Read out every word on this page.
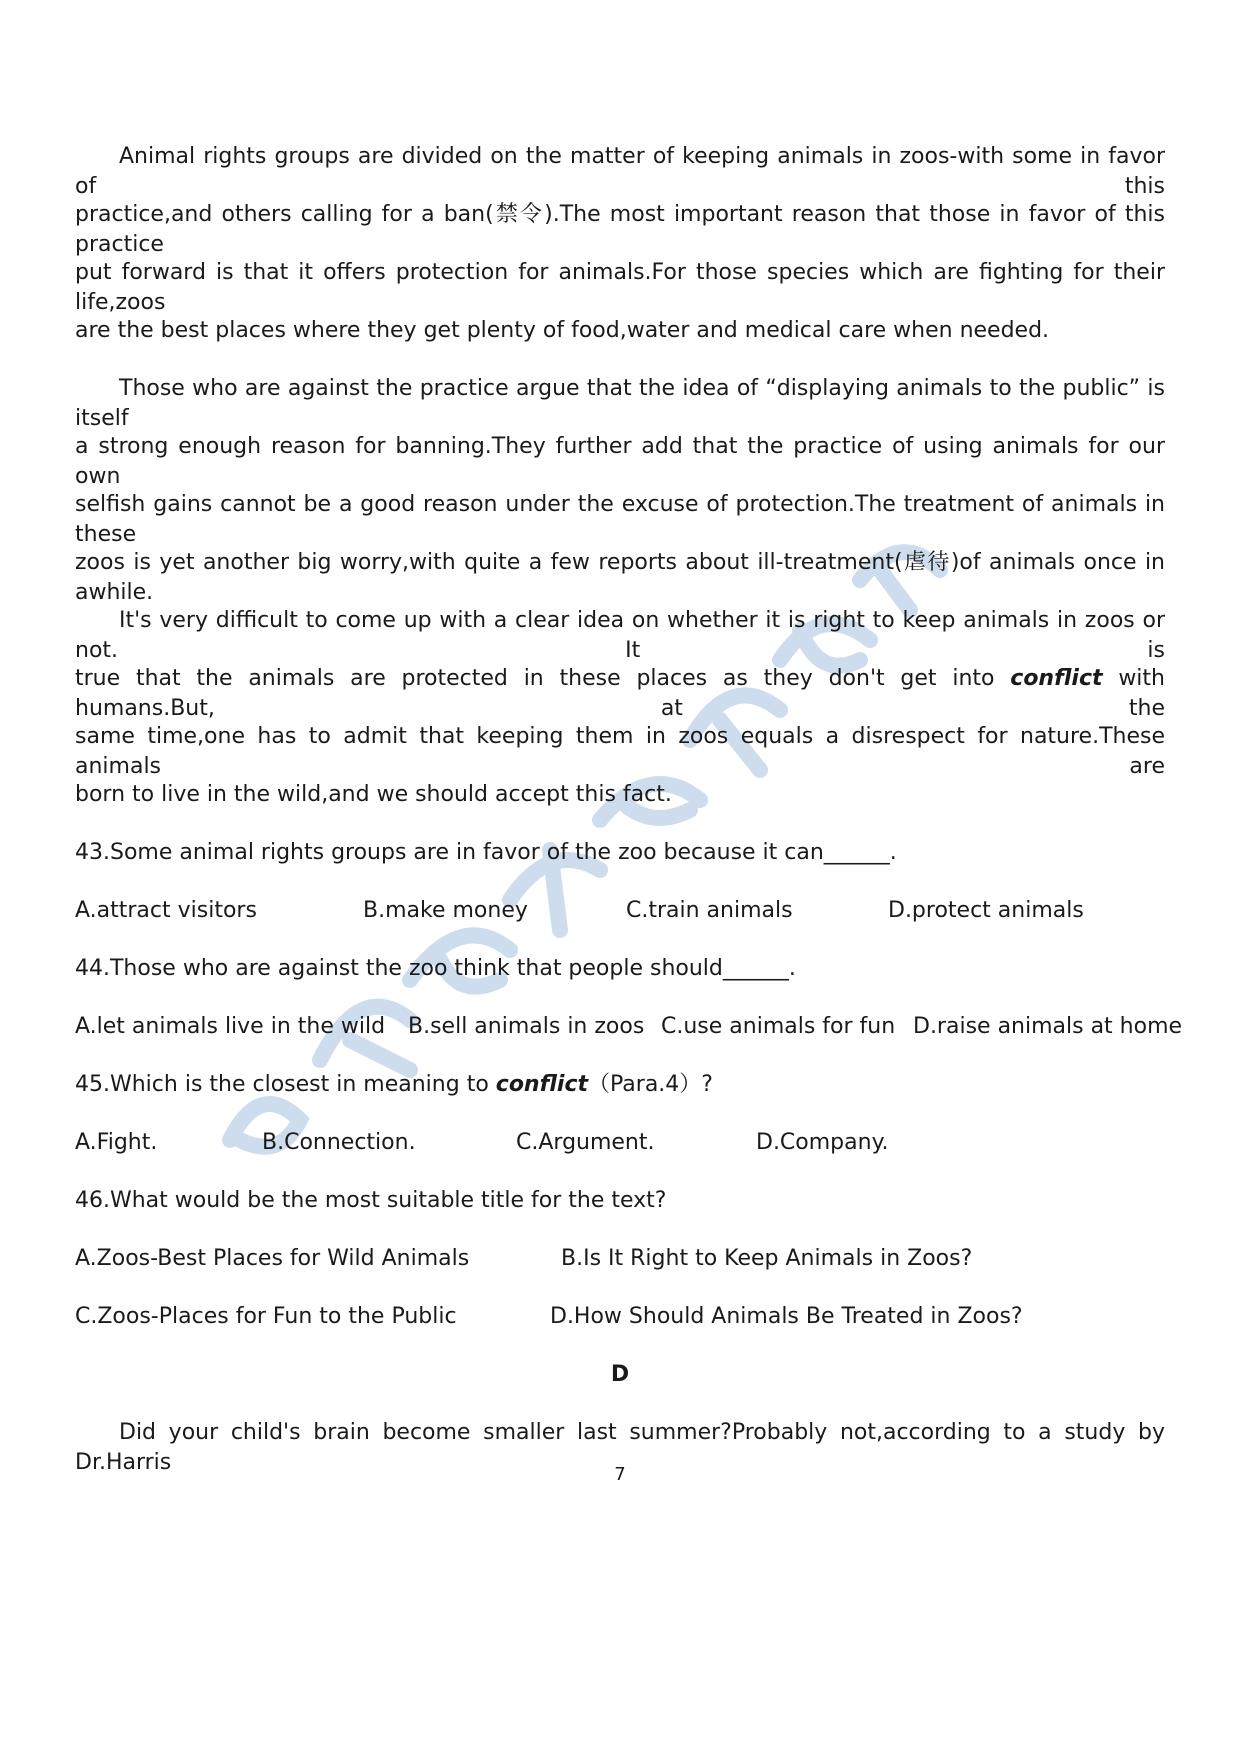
Animal rights groups are divided on the matter of keeping animals in zoos-with some in favor of this
practice,and others calling for a ban(禁令).The most important reason that those in favor of this practice
put forward is that it offers protection for animals.For those species which are fighting for their life,zoos
are the best places where they get plenty of food,water and medical care when needed.
Those who are against the practice argue that the idea of “displaying animals to the public” is itself
a strong enough reason for banning.They further add that the practice of using animals for our own
selfish gains cannot be a good reason under the excuse of protection.The treatment of animals in these
zoos is yet another big worry,with quite a few reports about ill-treatment(虐待)of animals once in awhile.
It's very difficult to come up with a clear idea on whether it is right to keep animals in zoos or not. It is
true that the animals are protected in these places as they don't get into conflict with humans.But, at the
same time,one has to admit that keeping them in zoos equals a disrespect for nature.These animals are
born to live in the wild,and we should accept this fact.
43.Some animal rights groups are in favor of the zoo because it can______.
A.attract visitors	B.make money	C.train animals	D.protect animals
44.Those who are against the zoo think that people should______.
A.let animals live in the wild B.sell animals in zoos C.use animals for fun D.raise animals at home
45.Which is the closest in meaning to conflict（Para.4）?
A.Fight.	B.Connection.	C.Argument.	D.Company.
46.What would be the most suitable title for the text?
A.Zoos-Best Places for Wild Animals	B.Is It Right to Keep Animals in Zoos?
C.Zoos-Places for Fun to the Public	D.How Should Animals Be Treated in Zoos?
D
Did your child's brain become smaller last summer?Probably not,according to a study by Dr.Harris	7
